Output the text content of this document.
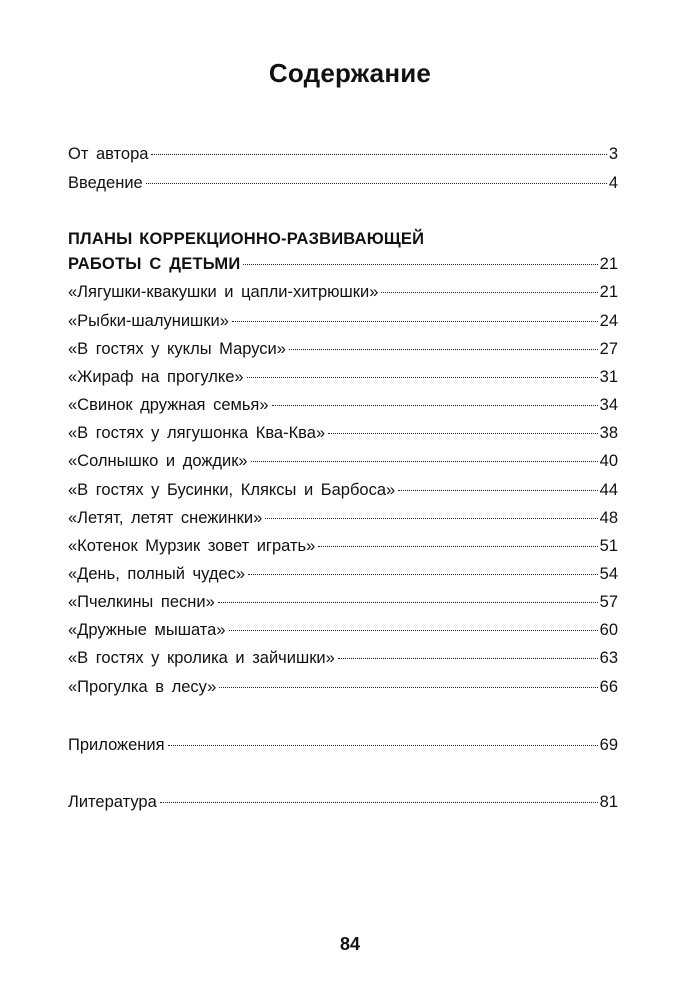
Содержание
От автора	3
Введение	4
ПЛАНЫ КОРРЕКЦИОННО-РАЗВИВАЮЩЕЙ
РАБОТЫ С ДЕТЬМИ	21
«Лягушки-квакушки и цапли-хитрюшки»	21
«Рыбки-шалунишки»	24
«В гостях у куклы Маруси»	27
«Жираф на прогулке»	31
«Свинок дружная семья»	34
«В гостях у лягушонка Ква-Ква»	38
«Солнышко и дождик»	40
«В гостях у Бусинки, Кляксы и Барбоса»	44
«Летят, летят снежинки»	48
«Котенок Мурзик зовет играть»	51
«День, полный чудес»	54
«Пчелкины песни»	57
«Дружные мышата»	60
«В гостях у кролика и зайчишки»	63
«Прогулка в лесу»	66
Приложения	69
Литература	81
84
